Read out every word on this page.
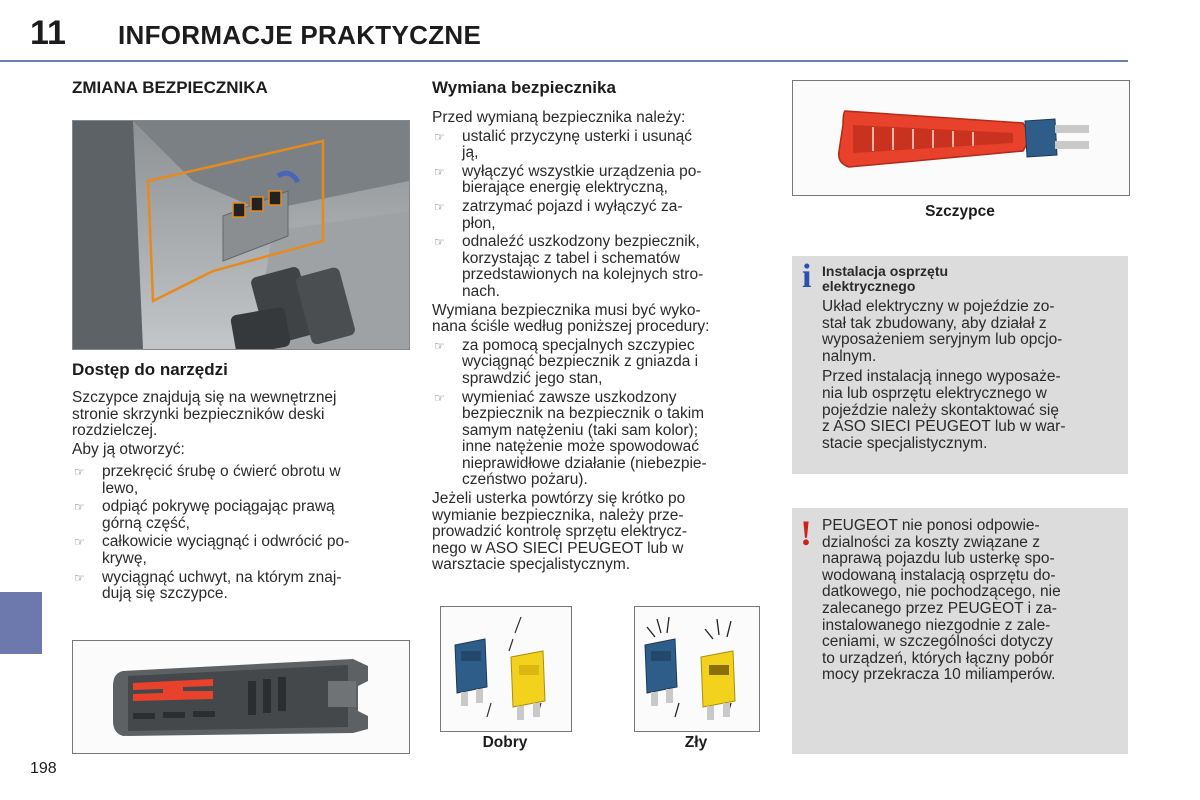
11 INFORMACJE PRAKTYCZNE
198
ZMIANA BEZPIECZNIKA
Dostęp do narzędzi

Szczypce znajdują się na wewnętrznej

stronie skrzynki bezpieczników deski

rozdzielczej.

Aby ją otworzyć:

☞ przekręcić śrubę o ćwierć obrotu w
lewo,
☞ odpiąć pokrywę pociągając prawą
górną część,
☞ całkowicie wyciągnąć i odwrócić po-
krywę,
☞ wyciągnąć uchwyt, na którym znaj-
dują się szczypce.
Wymiana bezpiecznika

Przed wymianą bezpiecznika należy:

☞ ustalić przyczynę usterki i usunąć
ją,
☞ wyłączyć wszystkie urządzenia po-
bierające energię elektryczną,
☞ zatrzymać pojazd i wyłączyć za-
płon,
☞ odnaleźć uszkodzony bezpiecznik,
korzystając z tabel i schematów
przedstawionych na kolejnych stro-
nach.

Wymiana bezpiecznika musi być wyko-

nana ściśle według poniższej procedury:

☞ za pomocą specjalnych szczypiec
wyciągnąć bezpiecznik z gniazda i
sprawdzić jego stan,
☞ wymieniać zawsze uszkodzony
bezpiecznik na bezpiecznik o takim
samym natężeniu (taki sam kolor);
inne natężenie może spowodować
nieprawidłowe działanie (niebezpie-
czeństwo pożaru).

Jeżeli usterka powtórzy się krótko po

wymianie bezpiecznika, należy prze-

prowadzić kontrolę sprzętu elektrycz-

nego w ASO SIECI PEUGEOT lub w

warsztacie specjalistycznym.

Dobry	Zły
Szczypce
i Instalacja osprzętu
elektrycznego

Układ elektryczny w pojeździe zo-

stał tak zbudowany, aby działał z

wyposażeniem seryjnym lub opcjo-

nalnym.

Przed instalacją innego wyposaże-

nia lub osprzętu elektrycznego w

pojeździe należy skontaktować się

z ASO SIECI PEUGEOT lub w war-

stacie specjalistycznym.

! PEUGEOT nie ponosi odpowie-

dzialności za koszty związane z

naprawą pojazdu lub usterkę spo-

wodowaną instalacją osprzętu do-

datkowego, nie pochodzącego, nie

zalecanego przez PEUGEOT i za-

instalowanego niezgodnie z zale-

ceniami, w szczególności dotyczy

to urządzeń, których łączny pobór

mocy przekracza 10 miliamperów.
